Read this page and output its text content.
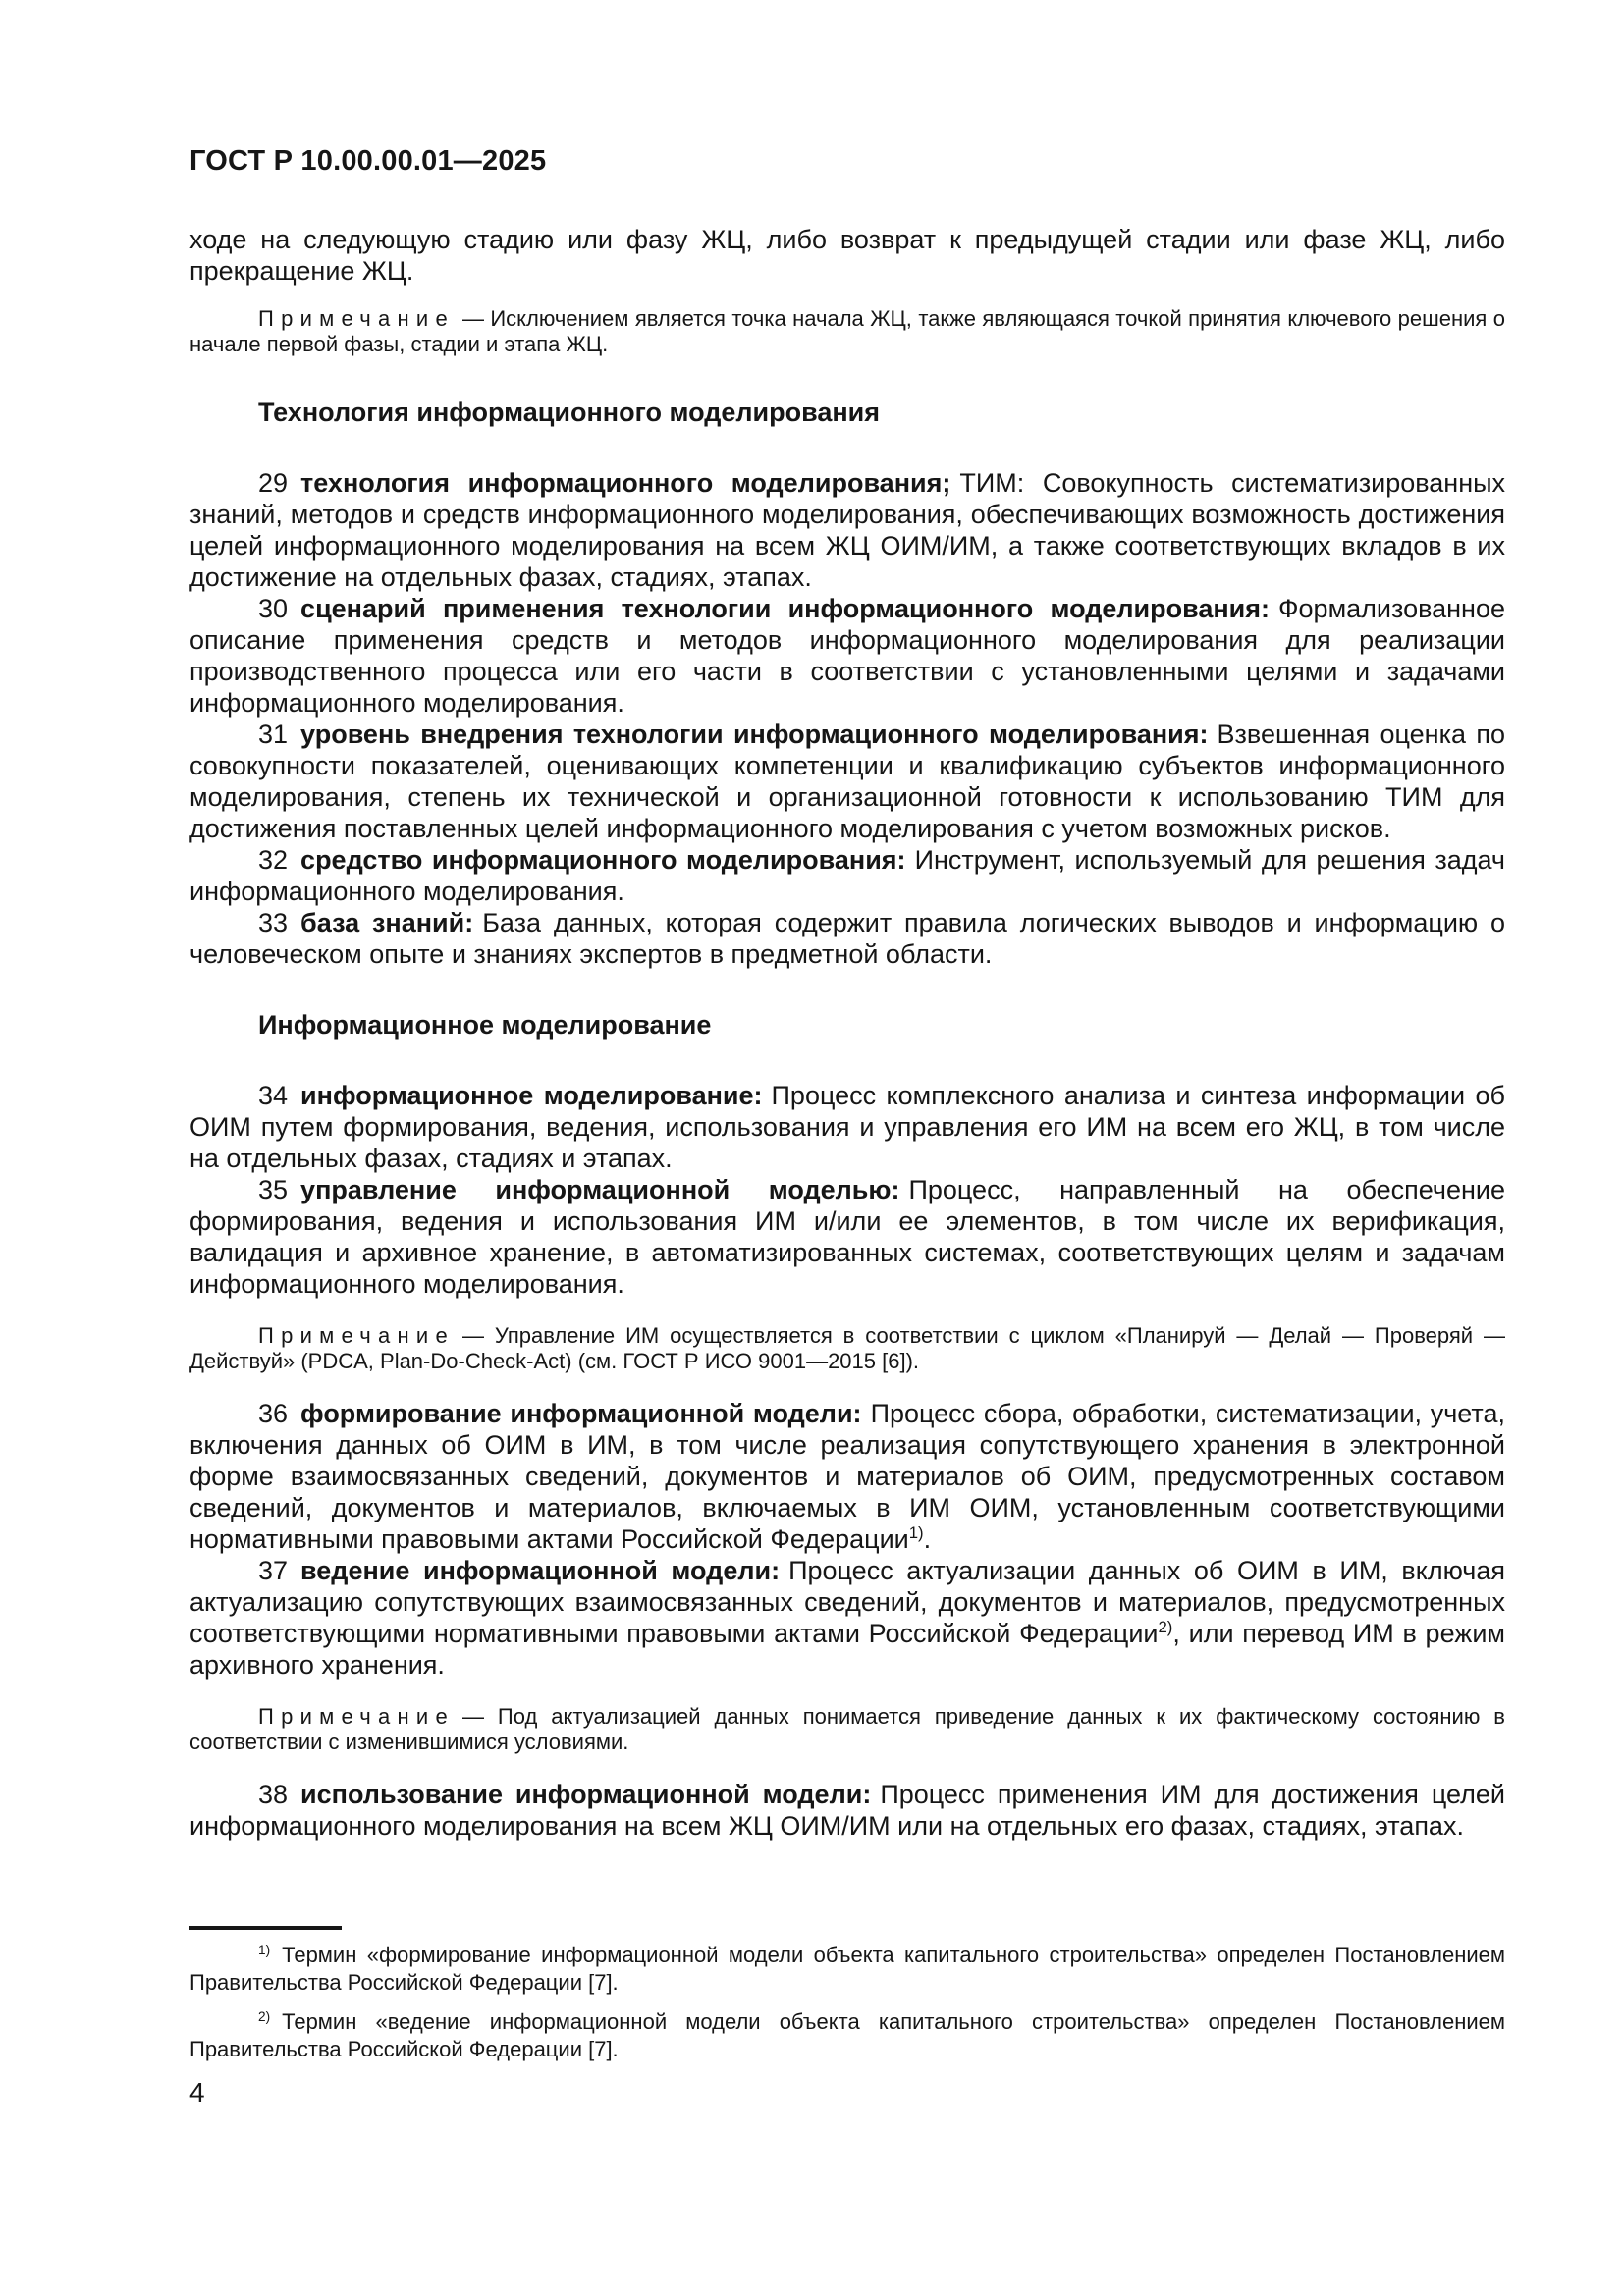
ГОСТ Р 10.00.00.01—2025

ходе на следующую стадию или фазу ЖЦ, либо возврат к предыдущей стадии или фазе ЖЦ, либо прекращение ЖЦ.

Примечание — Исключением является точка начала ЖЦ, также являющаяся точкой принятия ключевого решения о начале первой фазы, стадии и этапа ЖЦ.
Технология информационного моделирования

29 технология информационного моделирования; ТИМ: Совокупность систематизированных знаний, методов и средств информационного моделирования, обеспечивающих возможность достижения целей информационного моделирования на всем ЖЦ ОИМ/ИМ, а также соответствующих вкладов в их достижение на отдельных фазах, стадиях, этапах.

30 сценарий применения технологии информационного моделирования: Формализованное описание применения средств и методов информационного моделирования для реализации производственного процесса или его части в соответствии с установленными целями и задачами информационного моделирования.

31 уровень внедрения технологии информационного моделирования: Взвешенная оценка по совокупности показателей, оценивающих компетенции и квалификацию субъектов информационного моделирования, степень их технической и организационной готовности к использованию ТИМ для достижения поставленных целей информационного моделирования с учетом возможных рисков.

32 средство информационного моделирования: Инструмент, используемый для решения задач информационного моделирования.

33 база знаний: База данных, которая содержит правила логических выводов и информацию о человеческом опыте и знаниях экспертов в предметной области.

Информационное моделирование

34 информационное моделирование: Процесс комплексного анализа и синтеза информации об ОИМ путем формирования, ведения, использования и управления его ИМ на всем его ЖЦ, в том числе на отдельных фазах, стадиях и этапах.

35 управление информационной моделью: Процесс, направленный на обеспечение формирования, ведения и использования ИМ и/или ее элементов, в том числе их верификация, валидация и архивное хранение, в автоматизированных системах, соответствующих целям и задачам информационного моделирования.

Примечание — Управление ИМ осуществляется в соответствии с циклом «Планируй — Делай — Проверяй — Действуй» (PDCA, Plan-Do-Check-Act) (см. ГОСТ Р ИСО 9001—2015 [6]).

36 формирование информационной модели: Процесс сбора, обработки, систематизации, учета, включения данных об ОИМ в ИМ, в том числе реализация сопутствующего хранения в электронной форме взаимосвязанных сведений, документов и материалов об ОИМ, предусмотренных составом сведений, документов и материалов, включаемых в ИМ ОИМ, установленным соответствующими нормативными правовыми актами Российской Федерации$^{1)}$.

37 ведение информационной модели: Процесс актуализации данных об ОИМ в ИМ, включая актуализацию сопутствующих взаимосвязанных сведений, документов и материалов, предусмотренных соответствующими нормативными правовыми актами Российской Федерации$^{2)}$, или перевод ИМ в режим архивного хранения.

Примечание — Под актуализацией данных понимается приведение данных к их фактическому состоянию в соответствии с изменившимися условиями.

38 использование информационной модели: Процесс применения ИМ для достижения целей информационного моделирования на всем ЖЦ ОИМ/ИМ или на отдельных его фазах, стадиях, этапах.

$^{1)}$ Термин «формирование информационной модели объекта капитального строительства» определен Постановлением Правительства Российской Федерации [7].
$^{2)}$ Термин «ведение информационной модели объекта капитального строительства» определен Постановлением Правительства Российской Федерации [7].
4
